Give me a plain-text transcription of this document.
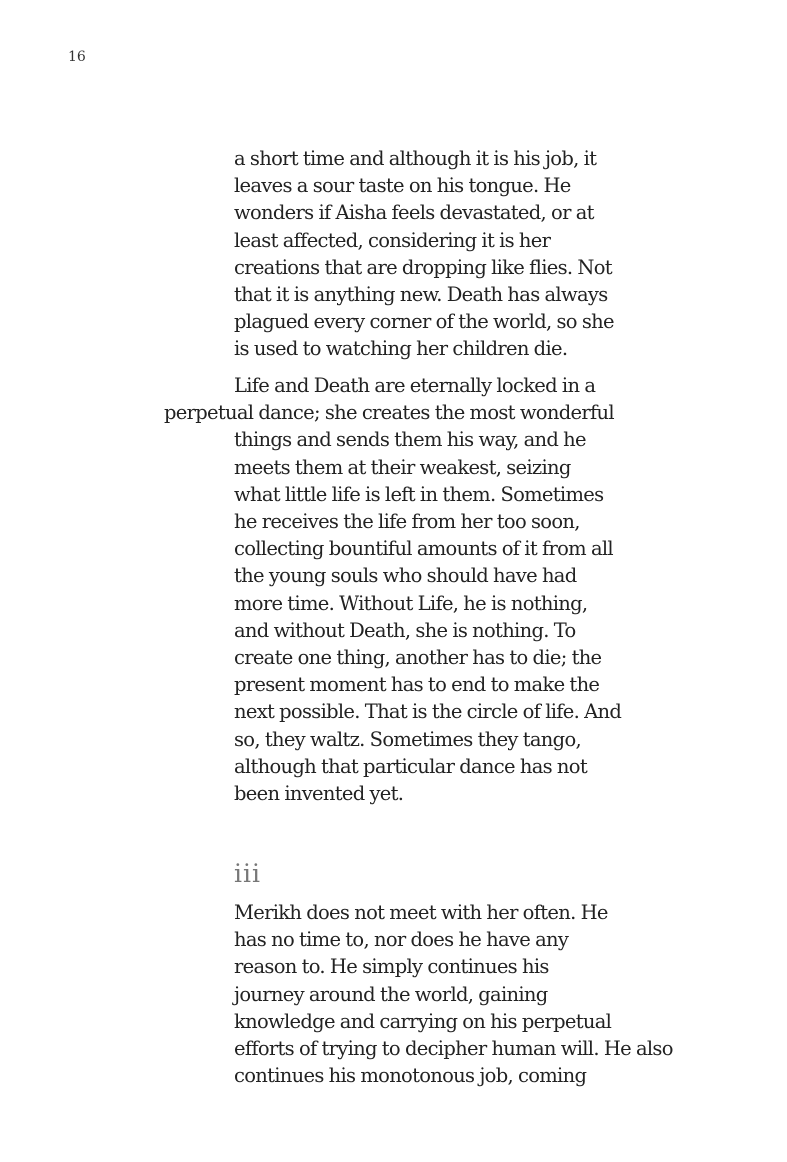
16
a short time and although it is his job, it
leaves a sour taste on his tongue. He
wonders if Aisha feels devastated, or at
least affected, considering it is her
creations that are dropping like flies. Not
that it is anything new. Death has always
plagued every corner of the world, so she
is used to watching her children die.
Life and Death are eternally locked in a
perpetual dance; she creates the most wonderful
things and sends them his way, and he
meets them at their weakest, seizing
what little life is left in them. Sometimes
he receives the life from her too soon,
collecting bountiful amounts of it from all
the young souls who should have had
more time. Without Life, he is nothing,
and without Death, she is nothing. To
create one thing, another has to die; the
present moment has to end to make the
next possible. That is the circle of life. And
so, they waltz. Sometimes they tango,
although that particular dance has not
been invented yet.
iii
Merikh does not meet with her often. He
has no time to, nor does he have any
reason to. He simply continues his
journey around the world, gaining
knowledge and carrying on his perpetual
efforts of trying to decipher human will. He also
continues his monotonous job, coming
